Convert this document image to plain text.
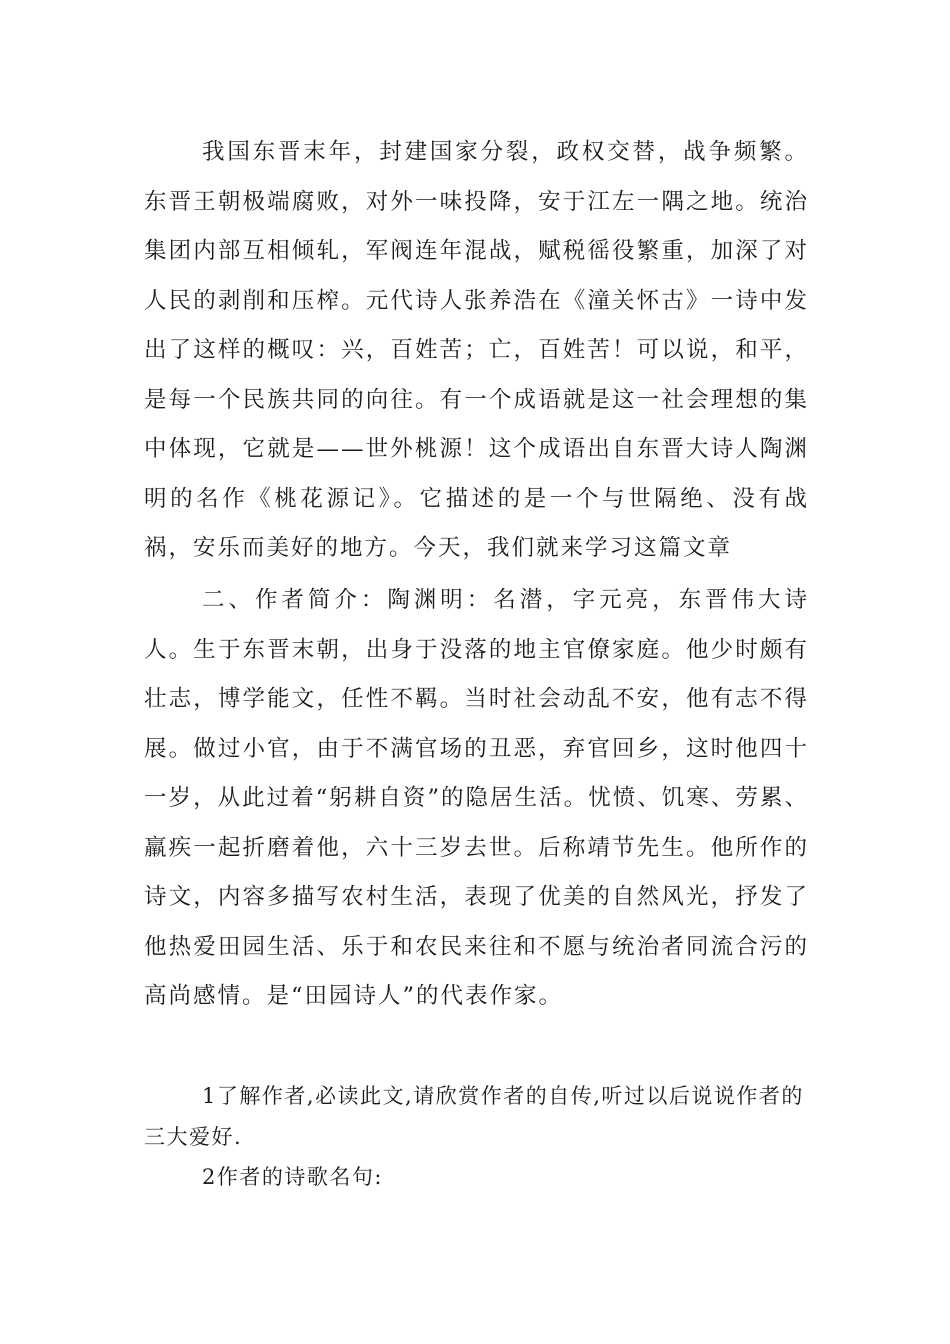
我国东晋末年，封建国家分裂，政权交替，战争频繁。东晋王朝极端腐败，对外一味投降，安于江左一隅之地。统治集团内部互相倾轧，军阀连年混战，赋税徭役繁重，加深了对人民的剥削和压榨。元代诗人张养浩在《潼关怀古》一诗中发出了这样的概叹：兴，百姓苦；亡，百姓苦！可以说，和平，是每一个民族共同的向往。有一个成语就是这一社会理想的集中体现，它就是——世外桃源！这个成语出自东晋大诗人陶渊明的名作《桃花源记》。它描述的是一个与世隔绝、没有战祸，安乐而美好的地方。今天，我们就来学习这篇文章

二、作者简介：陶渊明：名潜，字元亮，东晋伟大诗人。生于东晋末朝，出身于没落的地主官僚家庭。他少时颇有壮志，博学能文，任性不羁。当时社会动乱不安，他有志不得展。做过小官，由于不满官场的丑恶，弃官回乡，这时他四十一岁，从此过着“躬耕自资”的隐居生活。忧愤、饥寒、劳累、羸疾一起折磨着他，六十三岁去世。后称靖节先生。他所作的诗文，内容多描写农村生活，表现了优美的自然风光，抒发了他热爱田园生活、乐于和农民来往和不愿与统治者同流合污的高尚感情。是“田园诗人”的代表作家。

1了解作者,必读此文,请欣赏作者的自传,听过以后说说作者的三大爱好.

2作者的诗歌名句:
